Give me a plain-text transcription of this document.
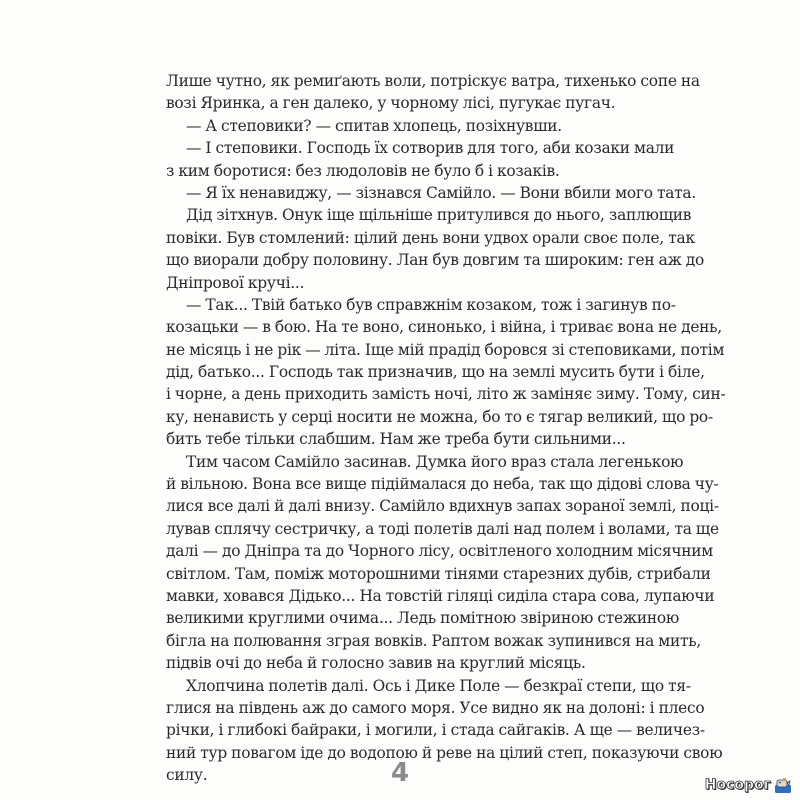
Лише чутно, як ремиґають воли, потріскує ватра, тихенько сопе на
возі Яринка, а ген далеко, у чорному лісі, пугукає пугач.
— А степовики? — спитав хлопець, позіхнувши.
— І степовики. Господь їх сотворив для того, аби козаки мали
з ким боротися: без людоловів не було б і козаків.
— Я їх ненавиджу, — зізнався Самійло. — Вони вбили мого тата.
Дід зітхнув. Онук іще щільніше притулився до нього, заплющив
повіки. Був стомлений: цілий день вони удвох орали своє поле, так
що виорали добру половину. Лан був довгим та широким: ген аж до
Дніпрової кручі...
— Так... Твій батько був справжнім козаком, тож і загинув по-
козацьки — в бою. На те воно, синонько, і війна, і триває вона не день,
не місяць і не рік — літа. Іще мій прадід боровся зі степовиками, потім
дід, батько... Господь так призначив, що на землі мусить бути і біле,
і чорне, а день приходить замість ночі, літо ж заміняє зиму. Тому, син-
ку, ненависть у серці носити не можна, бо то є тягар великий, що ро-
бить тебе тільки слабшим. Нам же треба бути сильними...
Тим часом Самійло засинав. Думка його враз стала легенькою
й вільною. Вона все вище підіймалася до неба, так що дідові слова чу-
лися все далі й далі внизу. Самійло вдихнув запах зораної землі, поці-
лував сплячу сестричку, а тоді полетів далі над полем і волами, та ще
далі — до Дніпра та до Чорного лісу, освітленого холодним місячним
світлом. Там, поміж моторошними тінями старезних дубів, стрибали
мавки, ховався Дідько... На товстій гіляці сиділа стара сова, лупаючи
великими круглими очима... Ледь помітною звіриною стежиною
бігла на полювання зграя вовків. Раптом вожак зупинився на мить,
підвів очі до неба й голосно завив на круглий місяць.
Хлопчина полетів далі. Ось і Дике Поле — безкраї степи, що тя-
глися на південь аж до самого моря. Усе видно як на долоні: і плесо
річки, і глибокі байраки, і могили, і стада сайгаків. А ще — величез-
ний тур повагом іде до водопою й реве на цілий степ, показуючи свою
силу.	4	Носорог
